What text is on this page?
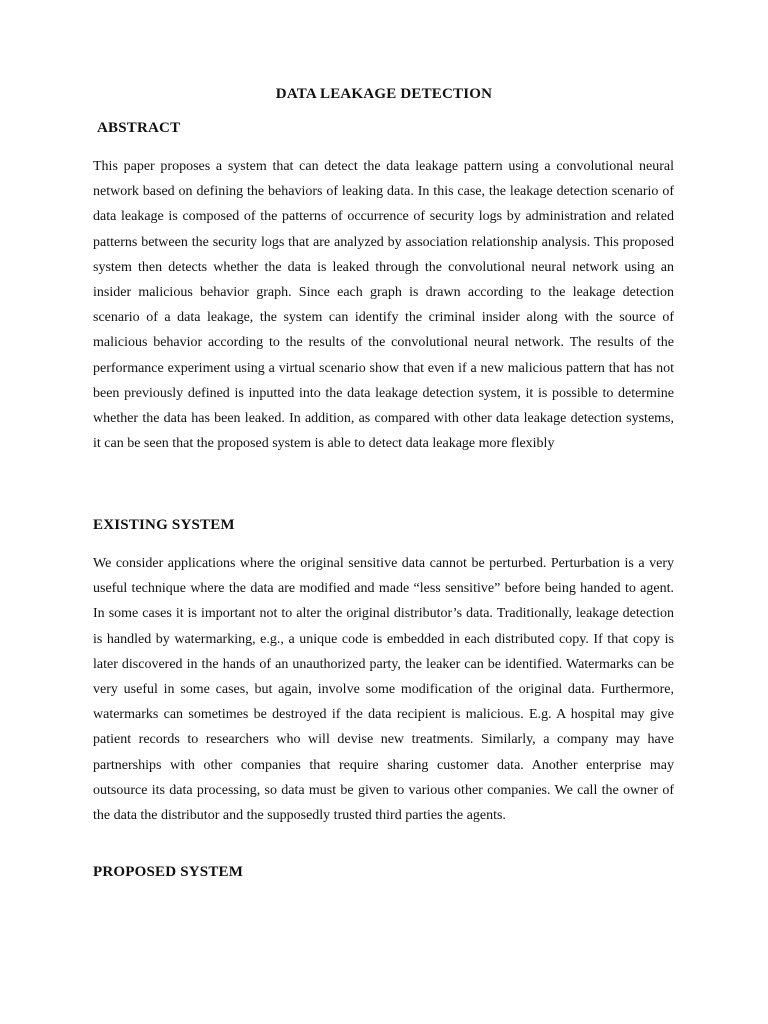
DATA LEAKAGE DETECTION
ABSTRACT

This paper proposes a system that can detect the data leakage pattern using a convolutional neural network based on defining the behaviors of leaking data. In this case, the leakage detection scenario of data leakage is composed of the patterns of occurrence of security logs by administration and related patterns between the security logs that are analyzed by association relationship analysis. This proposed system then detects whether the data is leaked through the convolutional neural network using an insider malicious behavior graph. Since each graph is drawn according to the leakage detection scenario of a data leakage, the system can identify the criminal insider along with the source of malicious behavior according to the results of the convolutional neural network. The results of the performance experiment using a virtual scenario show that even if a new malicious pattern that has not been previously defined is inputted into the data leakage detection system, it is possible to determine whether the data has been leaked. In addition, as compared with other data leakage detection systems, it can be seen that the proposed system is able to detect data leakage more flexibly

EXISTING SYSTEM

We consider applications where the original sensitive data cannot be perturbed. Perturbation is a very useful technique where the data are modified and made “less sensitive” before being handed to agent. In some cases it is important not to alter the original distributor’s data. Traditionally, leakage detection is handled by watermarking, e.g., a unique code is embedded in each distributed copy. If that copy is later discovered in the hands of an unauthorized party, the leaker can be identified. Watermarks can be very useful in some cases, but again, involve some modification of the original data. Furthermore, watermarks can sometimes be destroyed if the data recipient is malicious. E.g. A hospital may give patient records to researchers who will devise new treatments. Similarly, a company may have partnerships with other companies that require sharing customer data. Another enterprise may outsource its data processing, so data must be given to various other companies. We call the owner of the data the distributor and the supposedly trusted third parties the agents.

PROPOSED SYSTEM
